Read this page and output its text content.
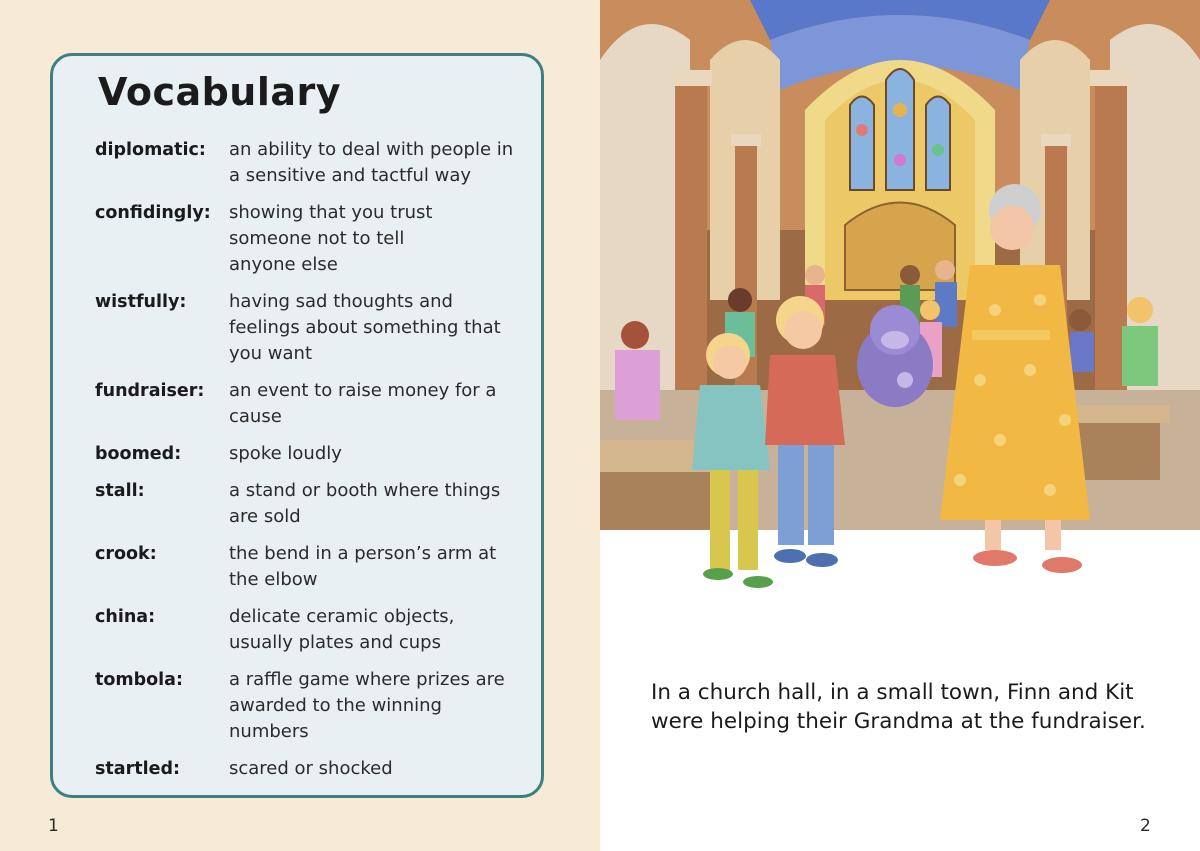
Vocabulary
diplomatic:	an ability to deal with people in a sensitive and tactful way
confidingly:	showing that you trust someone not to tell anyone else
wistfully:	having sad thoughts and feelings about something that you want
fundraiser:	an event to raise money for a cause
boomed:	spoke loudly
stall:	a stand or booth where things are sold
crook:	the bend in a person’s arm at the elbow
china:	delicate ceramic objects, usually plates and cups
tombola:	a raffle game where prizes are awarded to the winning numbers
startled:	scared or shocked
1
In a church hall, in a small town, Finn and Kit
were helping their Grandma at the fundraiser.
2
